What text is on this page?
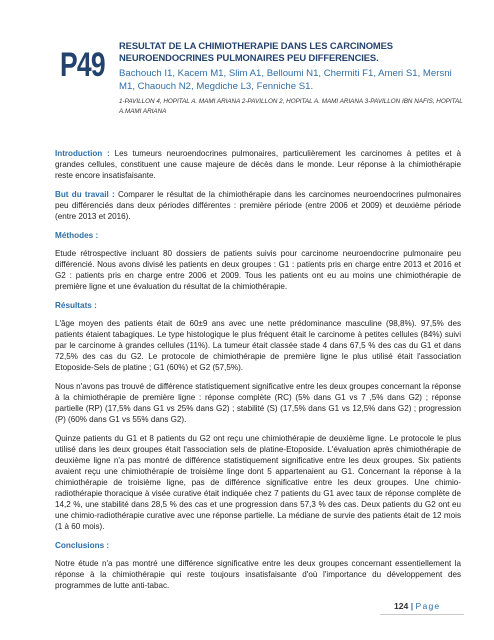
P49

RESULTAT DE LA CHIMIOTHERAPIE DANS LES CARCINOMES NEUROENDOCRINES PULMONAIRES PEU DIFFERENCIES.

Bachouch I1, Kacem M1, Slim A1, Belloumi N1, Chermiti F1, Ameri S1, Mersni M1, Chaouch N2, Megdiche L3, Fenniche S1.

1-PAVILLON 4, HOPITAL A. MAMI ARIANA 2-PAVILLON 2, HOPITAL A. MAMI ARIANA 3-PAVILLON IBN NAFIS, HOPITAL A.MAMI ARIANA

Introduction : Les tumeurs neuroendocrines pulmonaires, particulièrement les carcinomes à petites et à grandes cellules, constituent une cause majeure de décès dans le monde. Leur réponse à la chimiothérapie reste encore insatisfaisante.

But du travail : Comparer le résultat de la chimiothérapie dans les carcinomes neuroendocrines pulmonaires peu différenciés dans deux périodes différentes : première période (entre 2006 et 2009) et deuxième période (entre 2013 et 2016).

Méthodes :

Etude rétrospective incluant 80 dossiers de patients suivis pour carcinome neuroendocrine pulmonaire peu différencié. Nous avons divisé les patients en deux groupes : G1 : patients pris en charge entre 2013 et 2016 et G2 : patients pris en charge entre 2006 et 2009. Tous les patients ont eu au moins une chimiothérapie de première ligne et une évaluation du résultat de la chimiothérapie.

Résultats :

L'âge moyen des patients était de 60±9 ans avec une nette prédominance masculine (98,8%). 97,5% des patients étaient tabagiques. Le type histologique le plus fréquent était le carcinome à petites cellules (84%) suivi par le carcinome à grandes cellules (11%). La tumeur était classée stade 4 dans 67,5 % des cas du G1 et dans 72,5% des cas du G2. Le protocole de chimiothérapie de première ligne le plus utilisé était l'association Etoposide-Sels de platine ; G1 (60%) et G2 (57,5%).

Nous n'avons pas trouvé de différence statistiquement significative entre les deux groupes concernant la réponse à la chimiothérapie de première ligne : réponse complète (RC) (5% dans G1 vs 7 ,5% dans G2) ; réponse partielle (RP) (17,5% dans G1 vs 25% dans G2) ; stabilité (S) (17,5% dans G1 vs 12,5% dans G2) ; progression (P) (60% dans G1 vs 55% dans G2).

Quinze patients du G1 et 8 patients du G2 ont reçu une chimiothérapie de deuxième ligne. Le protocole le plus utilisé dans les deux groupes était l'association sels de platine-Etoposide. L'évaluation après chimiothérapie de deuxième ligne n'a pas montré de différence statistiquement significative entre les deux groupes. Six patients avaient reçu une chimiothérapie de troisième linge dont 5 appartenaient au G1. Concernant la réponse à la chimiothérapie de troisième ligne, pas de différence significative entre les deux groupes. Une chimio-radiothérapie thoracique à visée curative était indiquée chez 7 patients du G1 avec taux de réponse complète de 14,2 %, une stabilité dans 28,5 % des cas et une progression dans 57,3 % des cas. Deux patients du G2 ont eu une chimio-radiothérapie curative avec une réponse partielle. La médiane de survie des patients était de 12 mois (1 à 60 mois).

Conclusions :

Notre étude n'a pas montré une différence significative entre les deux groupes concernant essentiellement la réponse à la chimiothérapie qui reste toujours insatisfaisante d'où l'importance du développement des programmes de lutte anti-tabac.

124 | Page
